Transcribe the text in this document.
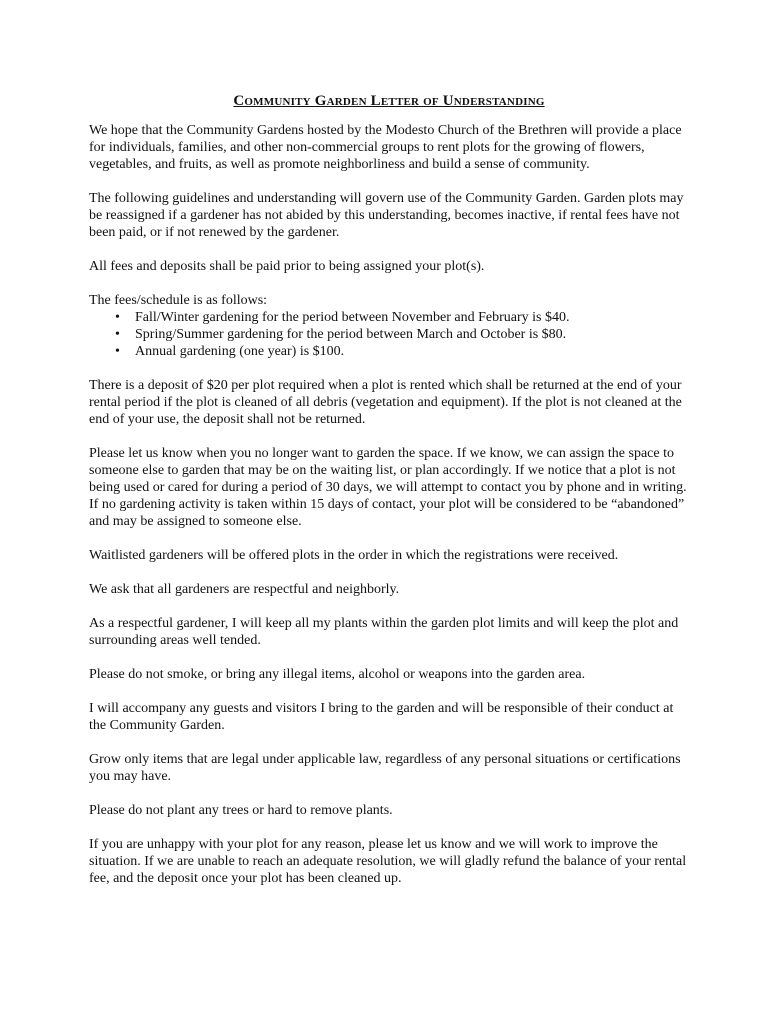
Community Garden Letter of Understanding

We hope that the Community Gardens hosted by the Modesto Church of the Brethren will provide a place for individuals, families, and other non-commercial groups to rent plots for the growing of flowers, vegetables, and fruits, as well as promote neighborliness and build a sense of community.

The following guidelines and understanding will govern use of the Community Garden. Garden plots may be reassigned if a gardener has not abided by this understanding, becomes inactive, if rental fees have not been paid, or if not renewed by the gardener.

All fees and deposits shall be paid prior to being assigned your plot(s).

The fees/schedule is as follows:

• Fall/Winter gardening for the period between November and February is $40.
• Spring/Summer gardening for the period between March and October is $80.
• Annual gardening (one year) is $100.

There is a deposit of $20 per plot required when a plot is rented which shall be returned at the end of your rental period if the plot is cleaned of all debris (vegetation and equipment). If the plot is not cleaned at the end of your use, the deposit shall not be returned.

Please let us know when you no longer want to garden the space. If we know, we can assign the space to someone else to garden that may be on the waiting list, or plan accordingly. If we notice that a plot is not being used or cared for during a period of 30 days, we will attempt to contact you by phone and in writing. If no gardening activity is taken within 15 days of contact, your plot will be considered to be “abandoned” and may be assigned to someone else.

Waitlisted gardeners will be offered plots in the order in which the registrations were received.

We ask that all gardeners are respectful and neighborly.

As a respectful gardener, I will keep all my plants within the garden plot limits and will keep the plot and surrounding areas well tended.

Please do not smoke, or bring any illegal items, alcohol or weapons into the garden area.

I will accompany any guests and visitors I bring to the garden and will be responsible of their conduct at the Community Garden.

Grow only items that are legal under applicable law, regardless of any personal situations or certifications you may have.

Please do not plant any trees or hard to remove plants.

If you are unhappy with your plot for any reason, please let us know and we will work to improve the situation. If we are unable to reach an adequate resolution, we will gladly refund the balance of your rental fee, and the deposit once your plot has been cleaned up.
